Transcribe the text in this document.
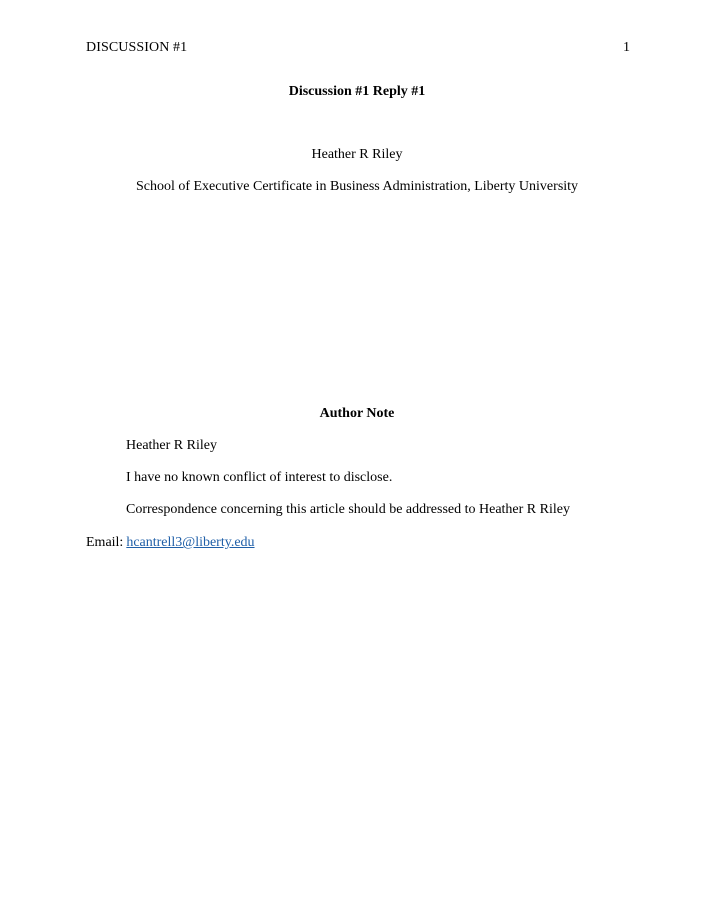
DISCUSSION #1	1
Discussion #1 Reply #1
Heather R Riley
School of Executive Certificate in Business Administration, Liberty University
Author Note
Heather R Riley
I have no known conflict of interest to disclose.
Correspondence concerning this article should be addressed to Heather R Riley
Email: hcantrell3@liberty.edu
